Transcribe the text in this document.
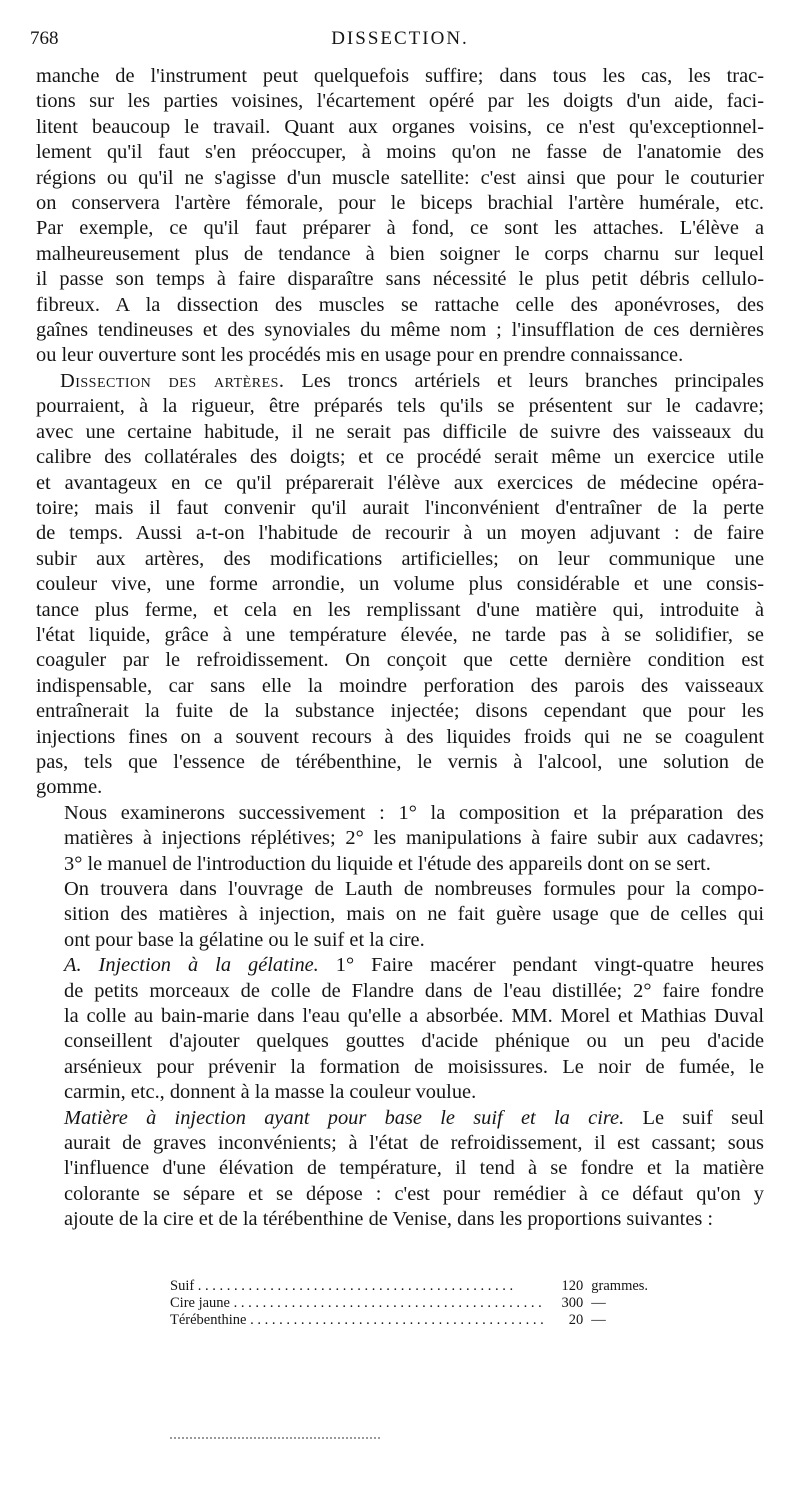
768	DISSECTION.

manche de l'instrument peut quelquefois suffire; dans tous les cas, les trac-
tions sur les parties voisines, l'écartement opéré par les doigts d'un aide, faci-
litent beaucoup le travail. Quant aux organes voisins, ce n'est qu'exceptionnel-
lement qu'il faut s'en préoccuper, à moins qu'on ne fasse de l'anatomie des
régions ou qu'il ne s'agisse d'un muscle satellite: c'est ainsi que pour le couturier
on conservera l'artère fémorale, pour le biceps brachial l'artère humérale, etc.
Par exemple, ce qu'il faut préparer à fond, ce sont les attaches. L'élève a
malheureusement plus de tendance à bien soigner le corps charnu sur lequel
il passe son temps à faire disparaître sans nécessité le plus petit débris cellulo-
fibreux. A la dissection des muscles se rattache celle des aponévroses, des
gaînes tendineuses et des synoviales du même nom ; l'insufflation de ces dernières
ou leur ouverture sont les procédés mis en usage pour en prendre connaissance.

Dissection des artères. Les troncs artériels et leurs branches principales
pourraient, à la rigueur, être préparés tels qu'ils se présentent sur le cadavre;
avec une certaine habitude, il ne serait pas difficile de suivre des vaisseaux du
calibre des collatérales des doigts; et ce procédé serait même un exercice utile
et avantageux en ce qu'il préparerait l'élève aux exercices de médecine opéra-
toire; mais il faut convenir qu'il aurait l'inconvénient d'entraîner de la perte
de temps. Aussi a-t-on l'habitude de recourir à un moyen adjuvant : de faire
subir aux artères, des modifications artificielles; on leur communique une
couleur vive, une forme arrondie, un volume plus considérable et une consis-
tance plus ferme, et cela en les remplissant d'une matière qui, introduite à
l'état liquide, grâce à une température élevée, ne tarde pas à se solidifier, se
coaguler par le refroidissement. On conçoit que cette dernière condition est
indispensable, car sans elle la moindre perforation des parois des vaisseaux
entraînerait la fuite de la substance injectée; disons cependant que pour les
injections fines on a souvent recours à des liquides froids qui ne se coagulent
pas, tels que l'essence de térébenthine, le vernis à l'alcool, une solution de
gomme.

Nous examinerons successivement : 1° la composition et la préparation des
matières à injections réplétives; 2° les manipulations à faire subir aux cadavres;
3° le manuel de l'introduction du liquide et l'étude des appareils dont on se sert.

On trouvera dans l'ouvrage de Lauth de nombreuses formules pour la compo-
sition des matières à injection, mais on ne fait guère usage que de celles qui
ont pour base la gélatine ou le suif et la cire.

A. Injection à la gélatine. 1° Faire macérer pendant vingt-quatre heures
de petits morceaux de colle de Flandre dans de l'eau distillée; 2° faire fondre
la colle au bain-marie dans l'eau qu'elle a absorbée. MM. Morel et Mathias Duval
conseillent d'ajouter quelques gouttes d'acide phénique ou un peu d'acide
arsénieux pour prévenir la formation de moisissures. Le noir de fumée, le
carmin, etc., donnent à la masse la couleur voulue.

Matière à injection ayant pour base le suif et la cire. Le suif seul
aurait de graves inconvénients; à l'état de refroidissement, il est cassant; sous
l'influence d'une élévation de température, il tend à se fondre et la matière
colorante se sépare et se dépose : c'est pour remédier à ce défaut qu'on y
ajoute de la cire et de la térébenthine de Venise, dans les proportions suivantes :

Suif . . .	120 grammes.
Cire jaune . . .	300 —
Térébenthine . . .	20 —
